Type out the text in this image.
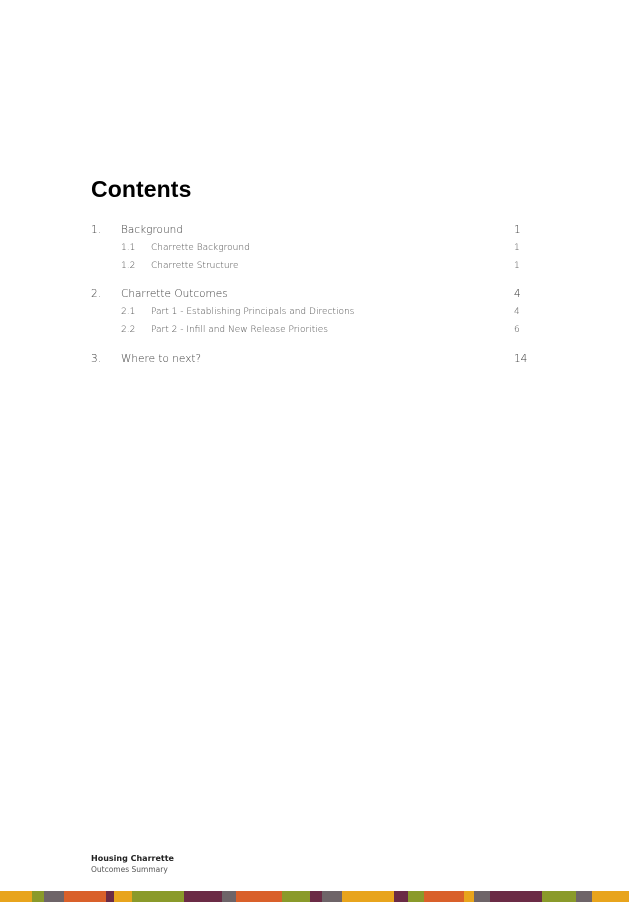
Contents
1. Background	1
1.1 Charrette Background	1
1.2 Charrette Structure	1
2. Charrette Outcomes	4
2.1 Part 1 - Establishing Principals and Directions	4
2.2 Part 2 - Infill and New Release Priorities	6
3. Where to next?	14
Housing Charrette
Outcomes Summary
